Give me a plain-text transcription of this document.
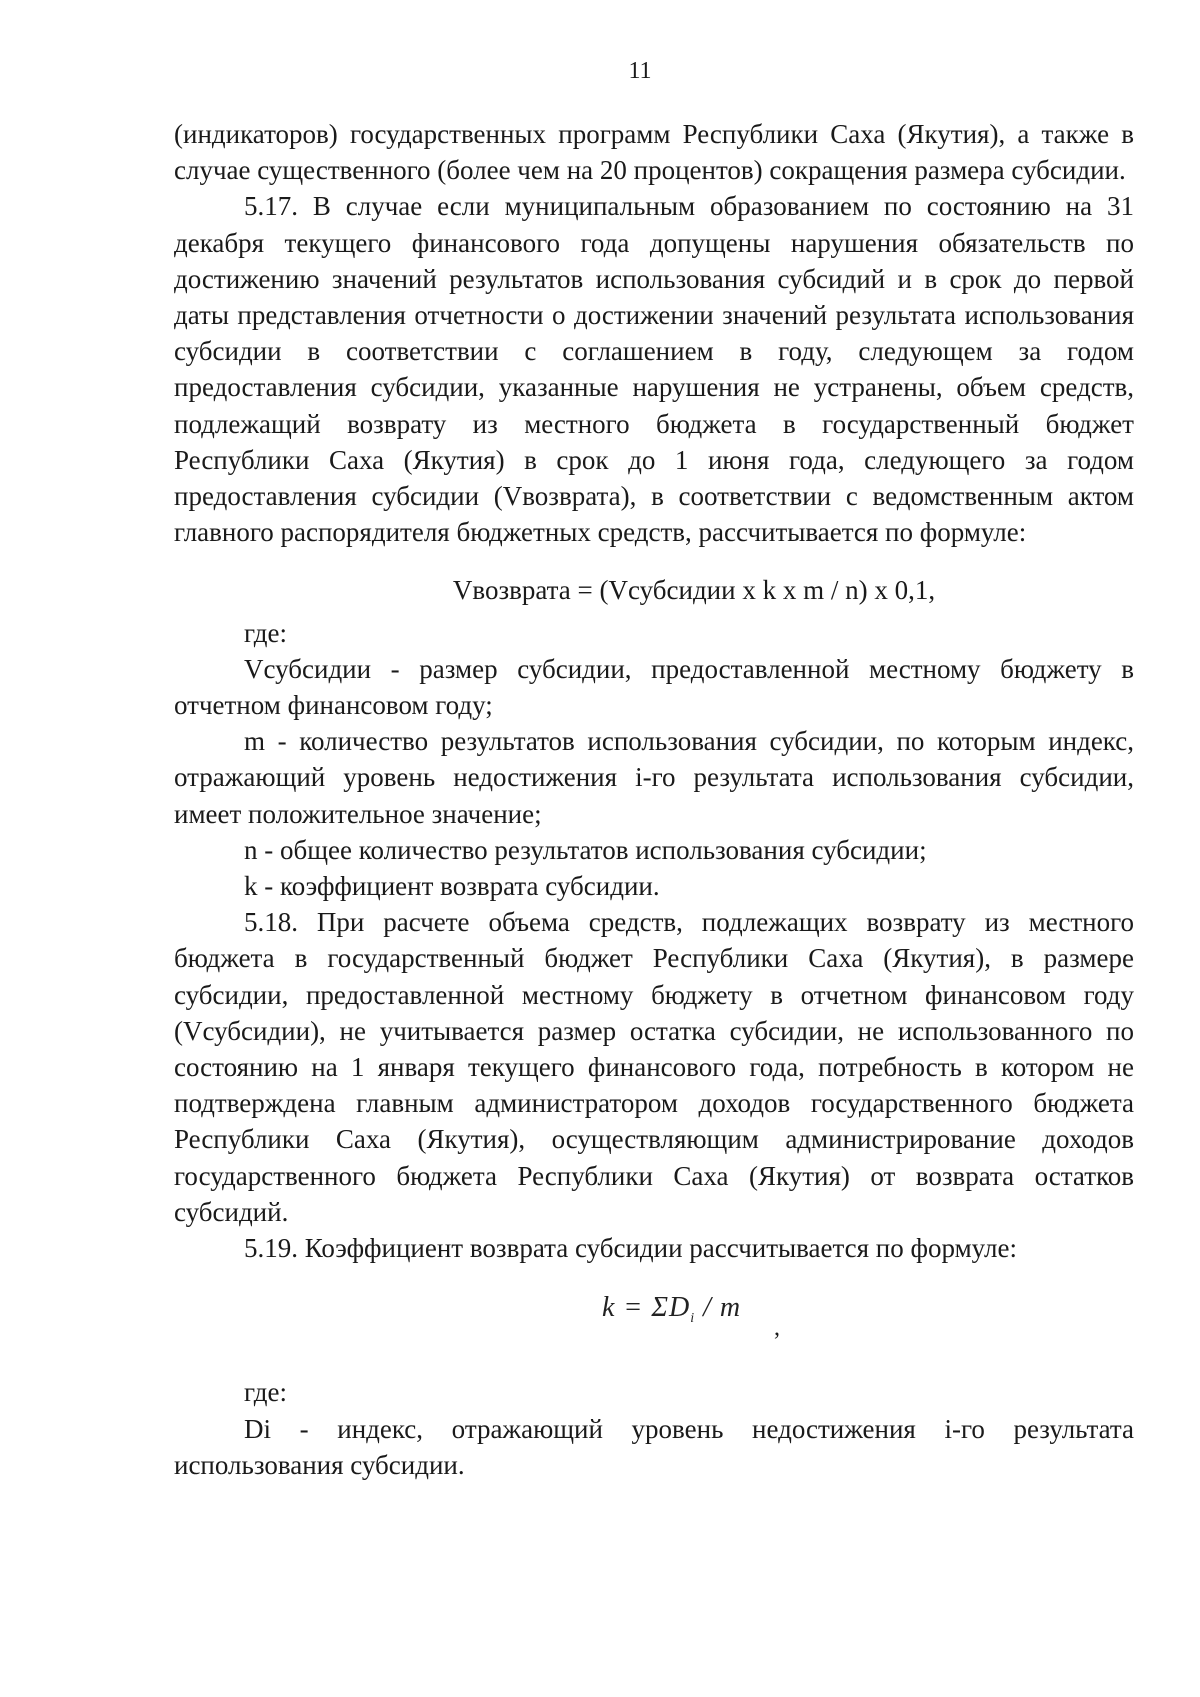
11

(индикаторов) государственных программ Республики Саха (Якутия), а также в случае существенного (более чем на 20 процентов) сокращения размера субсидии.

5.17. В случае если муниципальным образованием по состоянию на 31 декабря текущего финансового года допущены нарушения обязательств по достижению значений результатов использования субсидий и в срок до первой даты представления отчетности о достижении значений результата использования субсидии в соответствии с соглашением в году, следующем за годом предоставления субсидии, указанные нарушения не устранены, объем средств, подлежащий возврату из местного бюджета в государственный бюджет Республики Саха (Якутия) в срок до 1 июня года, следующего за годом предоставления субсидии (Vвозврата), в соответствии с ведомственным актом главного распорядителя бюджетных средств, рассчитывается по формуле:

Vвозврата = (Vсубсидии x k x m / n) x 0,1,

где:

Vсубсидии - размер субсидии, предоставленной местному бюджету в отчетном финансовом году;

m - количество результатов использования субсидии, по которым индекс, отражающий уровень недостижения i-го результата использования субсидии, имеет положительное значение;

n - общее количество результатов использования субсидии;

k - коэффициент возврата субсидии.

5.18. При расчете объема средств, подлежащих возврату из местного бюджета в государственный бюджет Республики Саха (Якутия), в размере субсидии, предоставленной местному бюджету в отчетном финансовом году (Vсубсидии), не учитывается размер остатка субсидии, не использованного по состоянию на 1 января текущего финансового года, потребность в котором не подтверждена главным администратором доходов государственного бюджета Республики Саха (Якутия), осуществляющим администрирование доходов государственного бюджета Республики Саха (Якутия) от возврата остатков субсидий.

5.19. Коэффициент возврата субсидии рассчитывается по формуле:

$k = \Sigma D_i / m$
,

где:

Di - индекс, отражающий уровень недостижения i-го результата использования субсидии.
